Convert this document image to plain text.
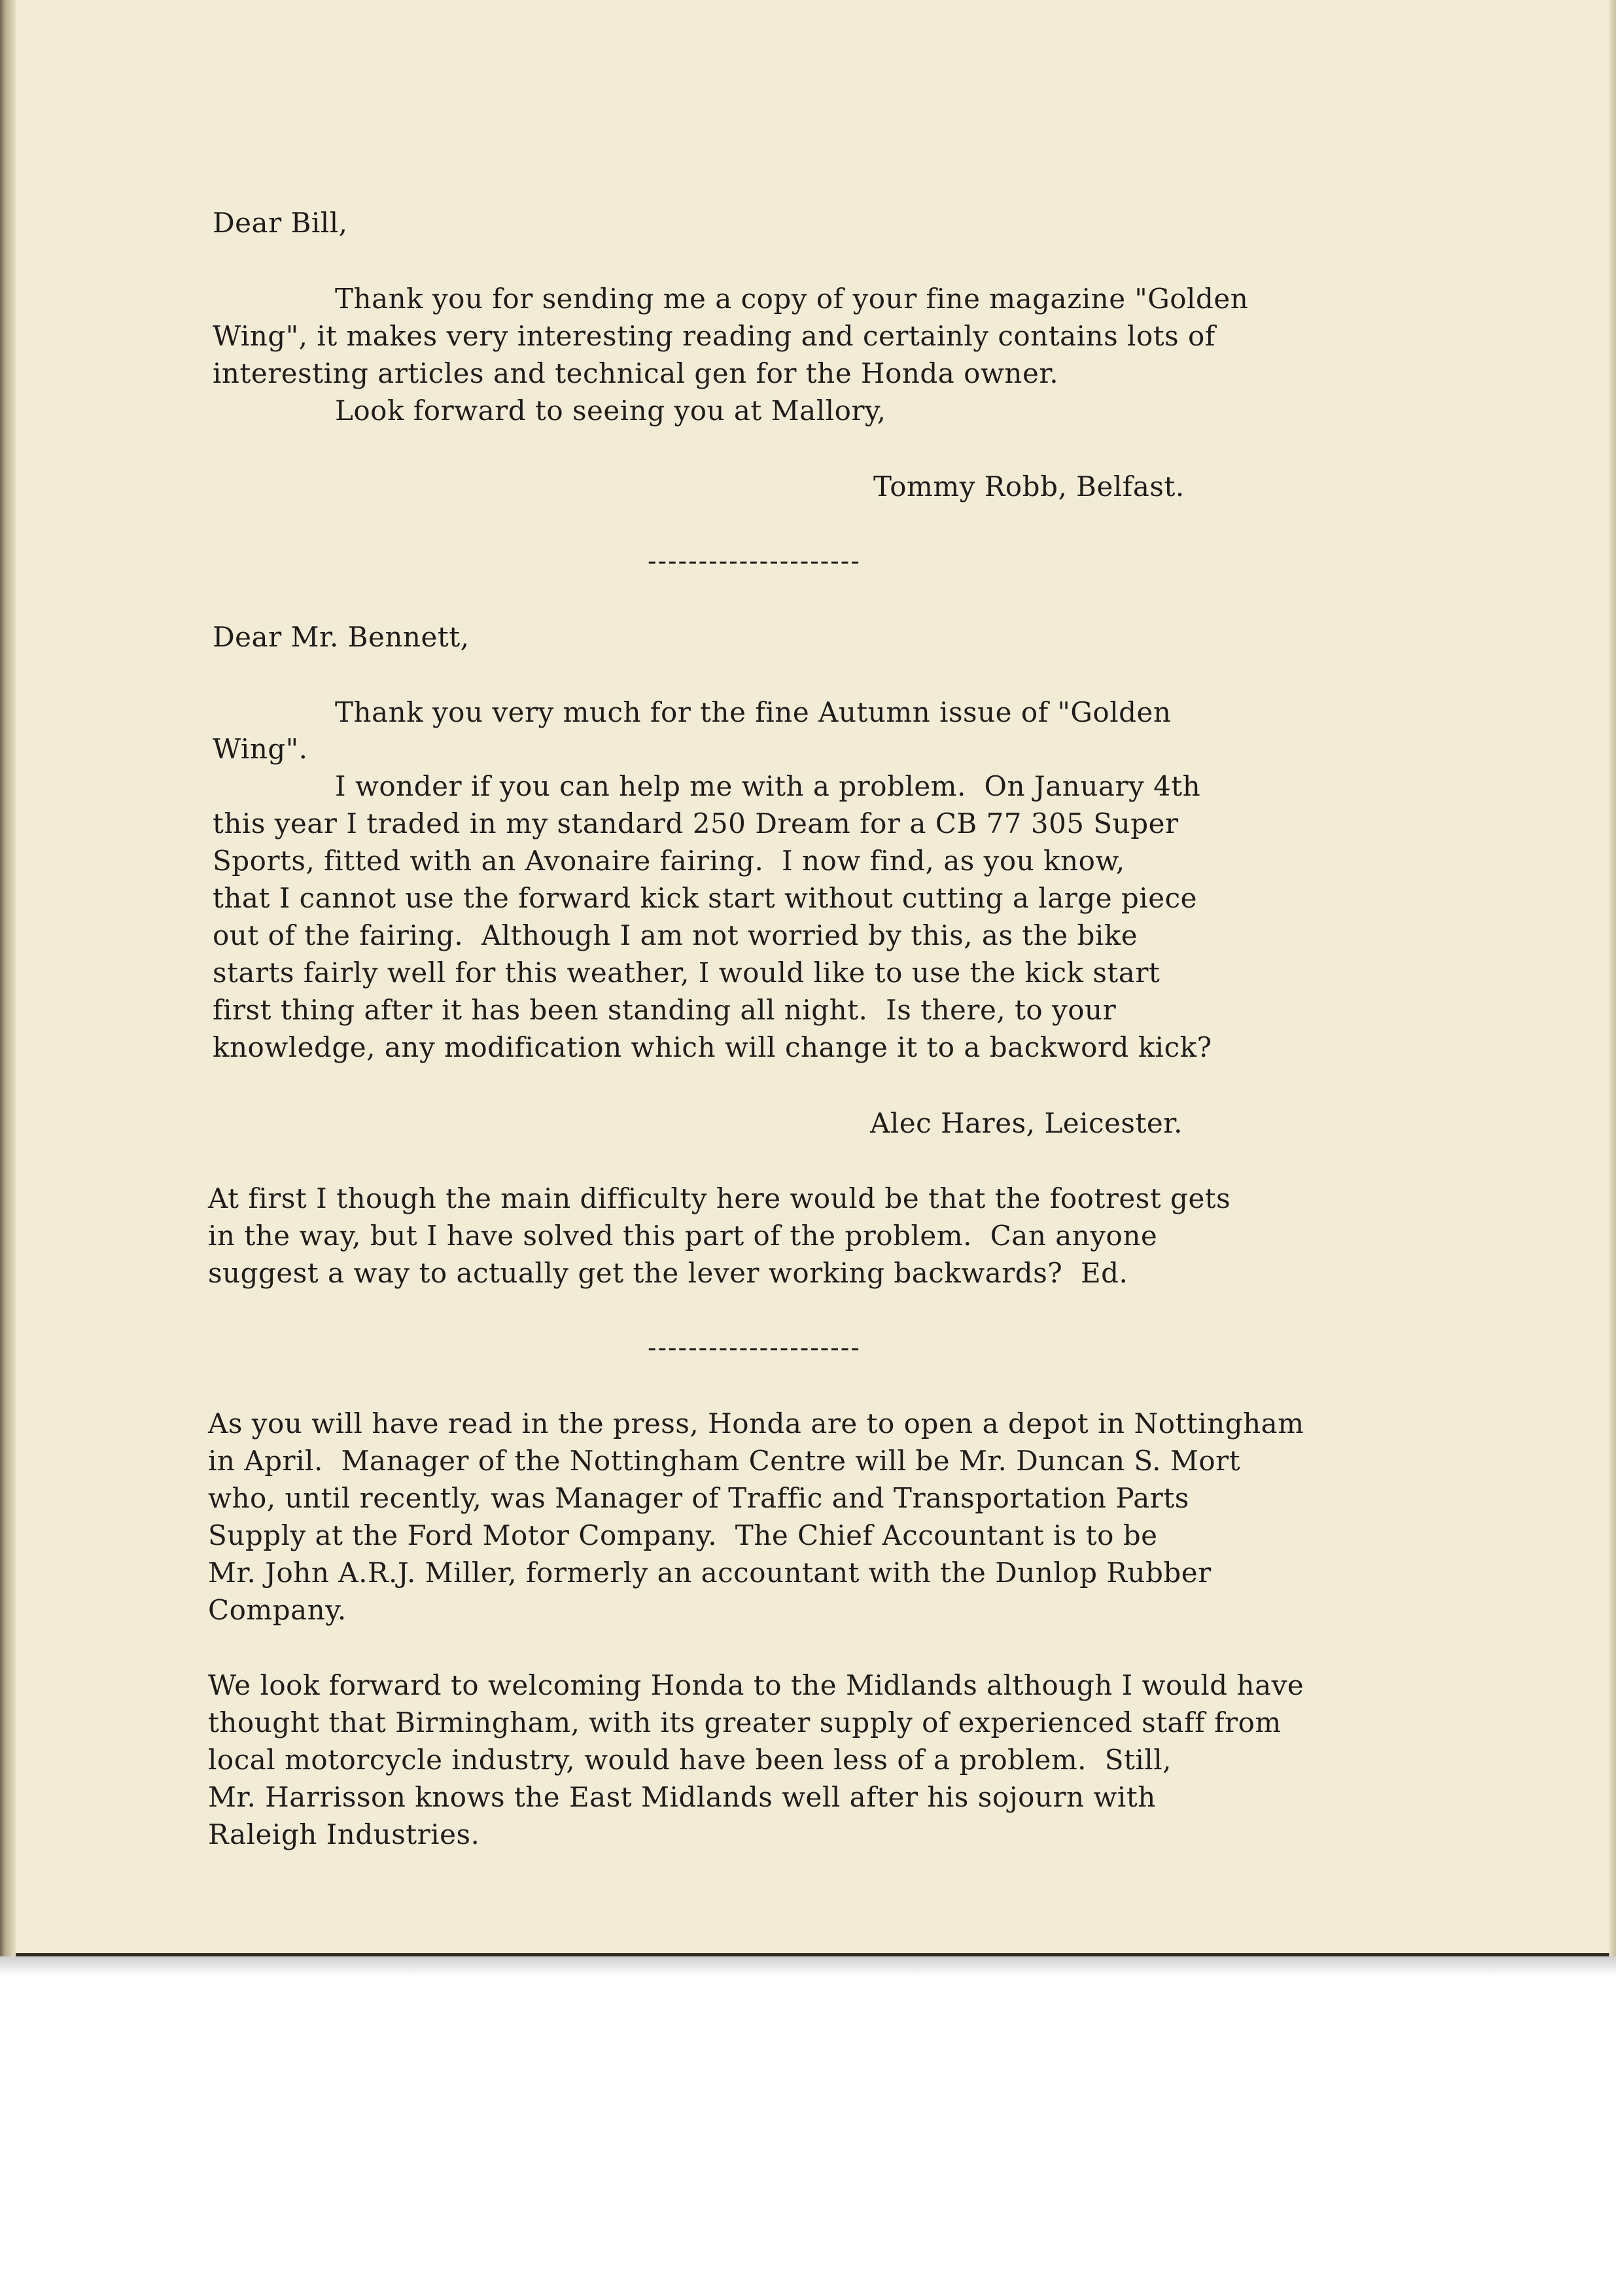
Dear Bill,

Thank you for sending me a copy of your fine magazine "Golden

Wing", it makes very interesting reading and certainly contains lots of

interesting articles and technical gen for the Honda owner.

Look forward to seeing you at Mallory,

Tommy Robb, Belfast.

---------------------

Dear Mr. Bennett,

Thank you very much for the fine Autumn issue of "Golden

Wing".

I wonder if you can help me with a problem.  On January 4th

this year I traded in my standard 250 Dream for a CB 77 305 Super

Sports, fitted with an Avonaire fairing.  I now find, as you know,

that I cannot use the forward kick start without cutting a large piece

out of the fairing.  Although I am not worried by this, as the bike

starts fairly well for this weather, I would like to use the kick start

first thing after it has been standing all night.  Is there, to your

knowledge, any modification which will change it to a backword kick?

Alec Hares, Leicester.

At first I though the main difficulty here would be that the footrest gets

in the way, but I have solved this part of the problem.  Can anyone

suggest a way to actually get the lever working backwards?  Ed.

---------------------

As you will have read in the press, Honda are to open a depot in Nottingham

in April.  Manager of the Nottingham Centre will be Mr. Duncan S. Mort

who, until recently, was Manager of Traffic and Transportation Parts

Supply at the Ford Motor Company.  The Chief Accountant is to be

Mr. John A.R.J. Miller, formerly an accountant with the Dunlop Rubber

Company.

We look forward to welcoming Honda to the Midlands although I would have

thought that Birmingham, with its greater supply of experienced staff from

local motorcycle industry, would have been less of a problem.  Still,

Mr. Harrisson knows the East Midlands well after his sojourn with

Raleigh Industries.
